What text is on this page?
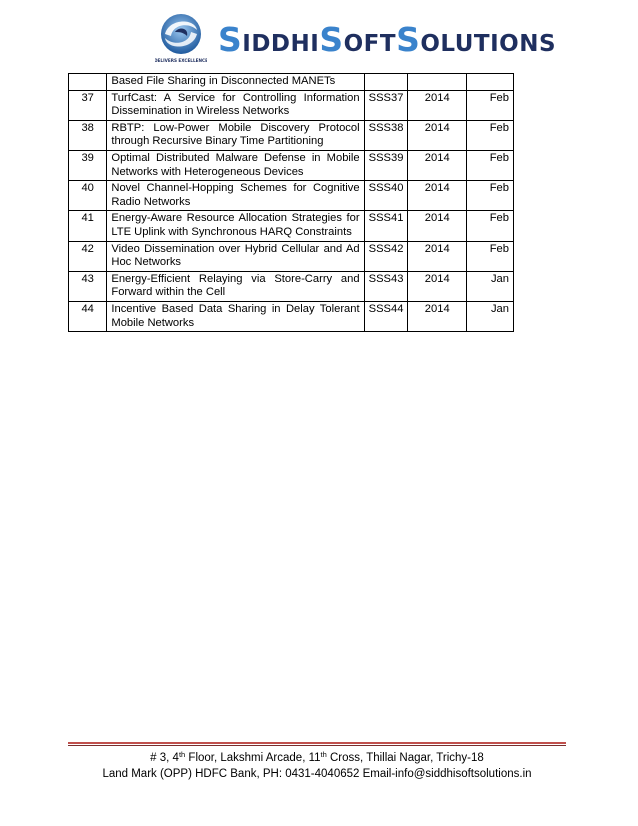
DELIVERS EXCELLENCE
SIDDHISOFTSOLUTIONS
	Based File Sharing in Disconnected MANETs			
37	TurfCast: A Service for Controlling Information Dissemination in Wireless Networks	SSS37	2014	Feb
38	RBTP: Low-Power Mobile Discovery Protocol through Recursive Binary Time Partitioning	SSS38	2014	Feb
39	Optimal Distributed Malware Defense in Mobile Networks with Heterogeneous Devices	SSS39	2014	Feb
40	Novel Channel-Hopping Schemes for Cognitive Radio Networks	SSS40	2014	Feb
41	Energy-Aware Resource Allocation Strategies for LTE Uplink with Synchronous HARQ Constraints	SSS41	2014	Feb
42	Video Dissemination over Hybrid Cellular and Ad Hoc Networks	SSS42	2014	Feb
43	Energy-Efficient Relaying via Store-Carry and Forward within the Cell	SSS43	2014	Jan
44	Incentive Based Data Sharing in Delay Tolerant Mobile Networks	SSS44	2014	Jan
# 3, 4th Floor, Lakshmi Arcade, 11th Cross, Thillai Nagar, Trichy-18
Land Mark (OPP) HDFC Bank, PH: 0431-4040652 Email-info@siddhisoftsolutions.in
